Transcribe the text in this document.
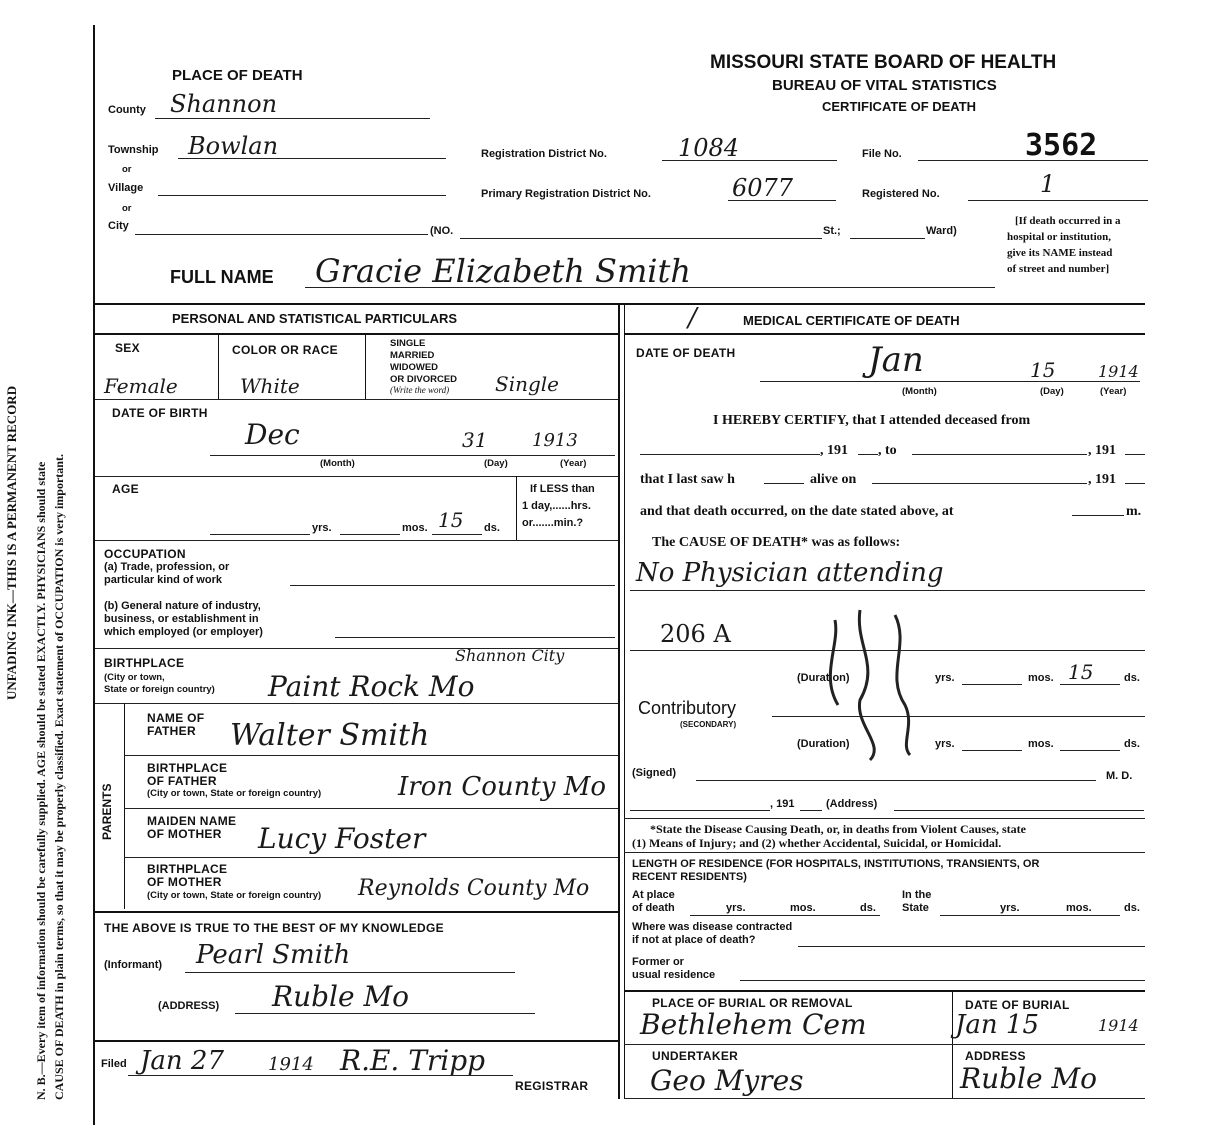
N. B.—Every item of information should be carefully supplied. AGE should be stated EXACTLY. PHYSICIANS should state CAUSE OF DEATH in plain terms, so that it may be properly classified. Exact statement of OCCUPATION is very important.
UNFADING INK—THIS IS A PERMANENT RECORD
MISSOURI STATE BOARD OF HEALTH
BUREAU OF VITAL STATISTICS
CERTIFICATE OF DEATH
PLACE OF DEATH
County Shannon
Township Bowlan
or
Village
or
City	(NO.	St.;	Ward)
Registration District No.	1084	File No.	3562
Primary Registration District No.	6077	Registered No.	1
[If death occurred in a
hospital or institution,
give its NAME instead
of street and number]
FULL NAME Gracie Elizabeth Smith
PERSONAL AND STATISTICAL PARTICULARS
SEX
Female
COLOR OR RACE
White
SINGLE
MARRIED
WIDOWED
OR DIVORCED
(Write the word) Single
DATE OF BIRTH
Dec	31 1913
(Month)	(Day)	(Year)
AGE
yrs.	mos. 15 ds.
If LESS than
1 day,......hrs.
or.......min.?
OCCUPATION
(a) Trade, profession, or
particular kind of work
(b) General nature of industry,
business, or establishment in
which employed (or employer)
BIRTHPLACE
(City or town,
State or foreign country)
Shannon City
Paint Rock Mo
PARENTS
NAME OF
FATHER Walter Smith
BIRTHPLACE
OF FATHER
(City or town, State or foreign country)	Iron County Mo
MAIDEN NAME
OF MOTHER Lucy Foster
BIRTHPLACE
OF MOTHER
(City or town, State or foreign country) Reynolds County Mo
THE ABOVE IS TRUE TO THE BEST OF MY KNOWLEDGE
(Informant) Pearl Smith
(ADDRESS) Ruble Mo
Filed Jan 27 1914 R.E. Tripp
REGISTRAR
/	MEDICAL CERTIFICATE OF DEATH
DATE OF DEATH	Jan	15	1914
(Month)	(Day)	(Year)
I HEREBY CERTIFY, that I attended deceased from
, 191 , to	, 191
that I last saw h	alive on	, 191
and that death occurred, on the date stated above, at	m.
The CAUSE OF DEATH* was as follows:
No Physician attending
206 A
(Duration)	yrs.	mos. 15	ds.
Contributory
(SECONDARY)
(Duration)	yrs.	mos.	ds.
(Signed)	M. D.
, 191	(Address)
*State the Disease Causing Death, or, in deaths from Violent Causes, state
(1) Means of Injury; and (2) whether Accidental, Suicidal, or Homicidal.
LENGTH OF RESIDENCE (FOR HOSPITALS, INSTITUTIONS, TRANSIENTS, OR
RECENT RESIDENTS)
At place
of death	yrs.	mos.	ds.
In the
State	yrs.	mos.	ds.
Where was disease contracted
if not at place of death?
Former or
usual residence
PLACE OF BURIAL OR REMOVAL
Bethlehem Cem
DATE OF BURIAL
Jan 15	1914
UNDERTAKER
Geo Myres
ADDRESS
Ruble Mo
